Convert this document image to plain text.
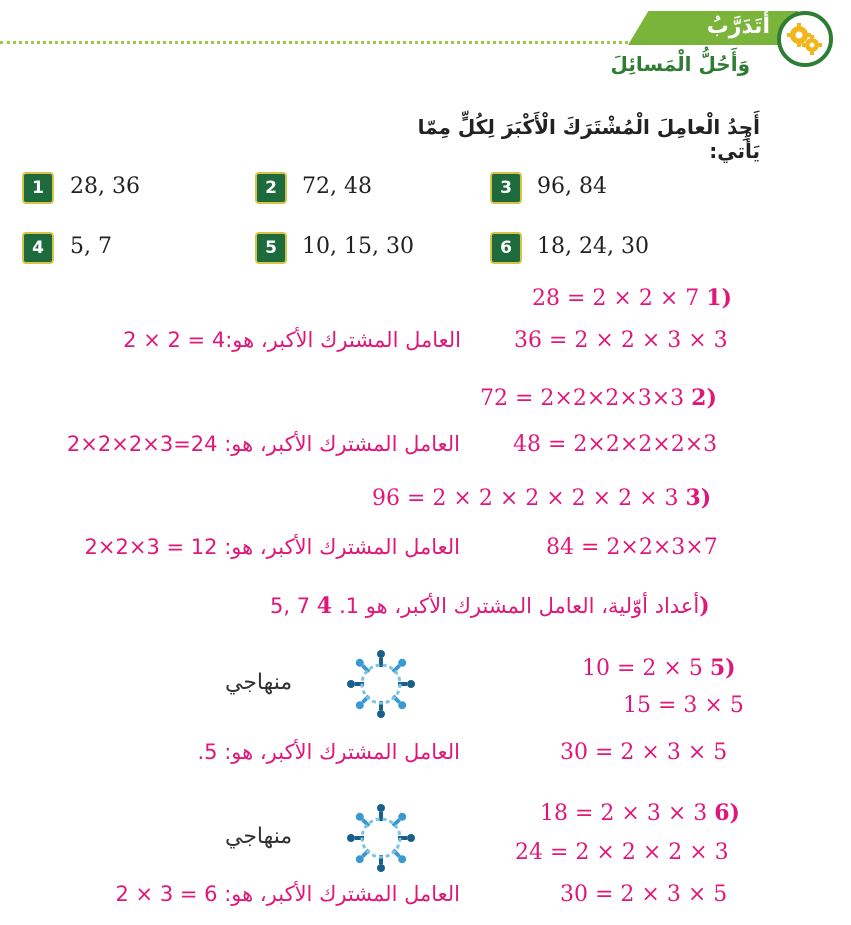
أَتَدَرَّبُ
وَأَحُلُّ الْمَسائِلَ
أَجِدُ الْعامِلَ الْمُشْتَرَكَ الْأَكْبَرَ لِكُلٍّ مِمّا يَأْتي:
1	28, 36	2	72, 48	3	96, 84
4	5, 7	5	10, 15, 30	6	18, 24, 30
28 = 2 × 2 × 7 1)
36 = 2 × 2 × 3 × 3
العامل المشترك الأكبر، هو:4 = 2 × 2
72 = 2×2×2×3×3 2)
48 = 2×2×2×2×3
العامل المشترك الأكبر، هو: 24=3×2×2×2
96 = 2 × 2 × 2 × 2 × 2 × 3 3)
84 = 2×2×3×7
العامل المشترك الأكبر، هو: 12 = 3×2×2
5, 7 أعداد أوّلية، العامل المشترك الأكبر، هو 1. 4)
منهاجي
10 = 2 × 5 5)
15 = 3 × 5
30 = 2 × 3 × 5
العامل المشترك الأكبر، هو: 5.
منهاجي
18 = 2 × 3 × 3 6)
24 = 2 × 2 × 2 × 3
30 = 2 × 3 × 5
العامل المشترك الأكبر، هو: 6 = 3 × 2
